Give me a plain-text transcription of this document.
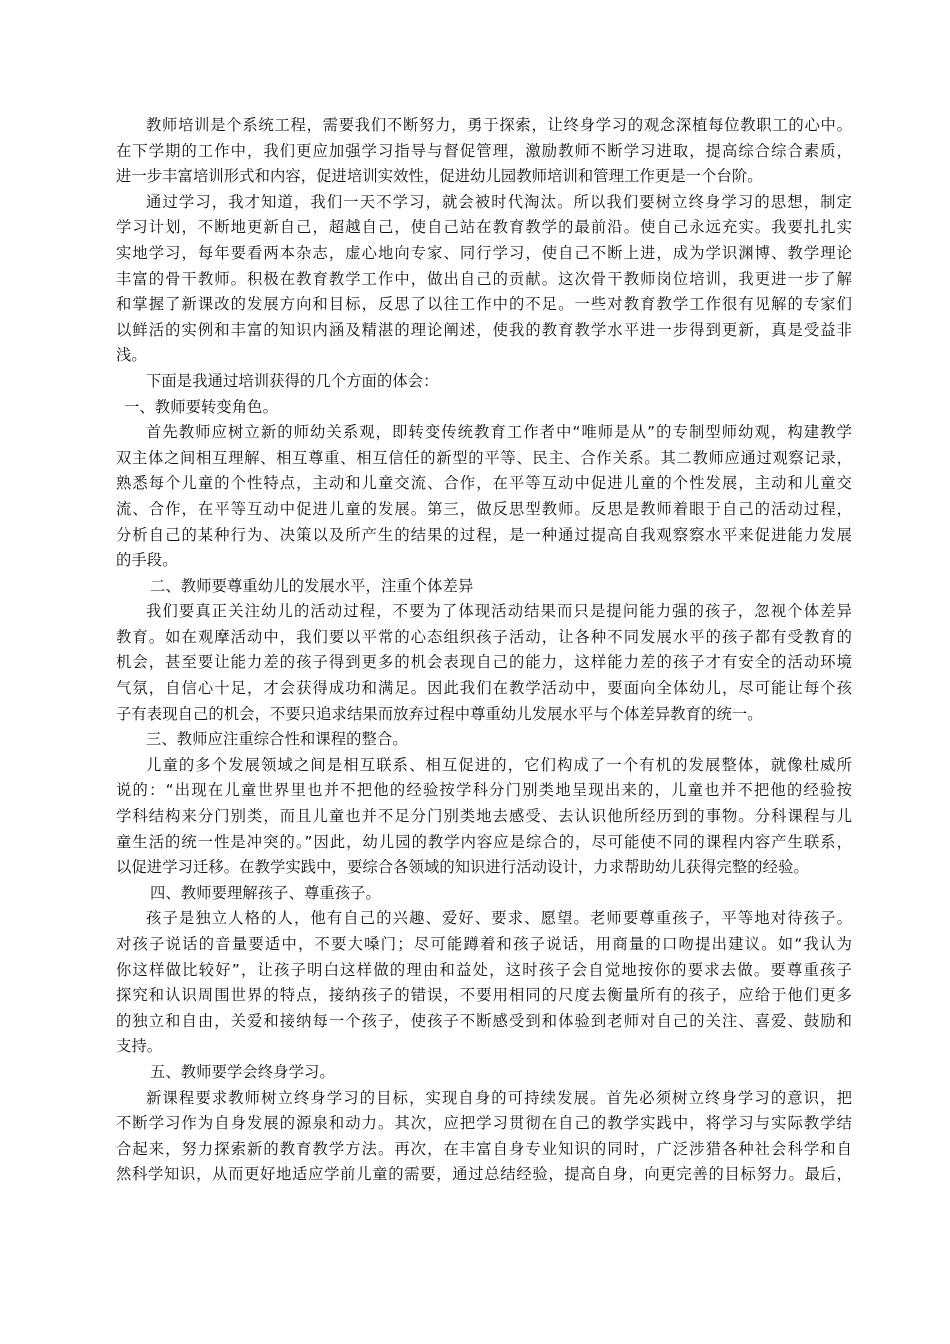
教师培训是个系统工程，需要我们不断努力，勇于探索，让终身学习的观念深植每位教职工的心中。
在下学期的工作中，我们更应加强学习指导与督促管理，激励教师不断学习进取，提高综合综合素质，
进一步丰富培训形式和内容，促进培训实效性，促进幼儿园教师培训和管理工作更是一个台阶。
通过学习，我才知道，我们一天不学习，就会被时代淘汰。所以我们要树立终身学习的思想，制定
学习计划，不断地更新自己，超越自己，使自己站在教育教学的最前沿。使自己永远充实。我要扎扎实
实地学习，每年要看两本杂志，虚心地向专家、同行学习，使自己不断上进，成为学识渊博、教学理论
丰富的骨干教师。积极在教育教学工作中，做出自己的贡献。这次骨干教师岗位培训，我更进一步了解
和掌握了新课改的发展方向和目标，反思了以往工作中的不足。一些对教育教学工作很有见解的专家们
以鲜活的实例和丰富的知识内涵及精湛的理论阐述，使我的教育教学水平进一步得到更新，真是受益非
浅。
下面是我通过培训获得的几个方面的体会：
一、教师要转变角色。
首先教师应树立新的师幼关系观，即转变传统教育工作者中“唯师是从”的专制型师幼观，构建教学
双主体之间相互理解、相互尊重、相互信任的新型的平等、民主、合作关系。其二教师应通过观察记录，
熟悉每个儿童的个性特点，主动和儿童交流、合作，在平等互动中促进儿童的个性发展，主动和儿童交
流、合作，在平等互动中促进儿童的发展。第三，做反思型教师。反思是教师着眼于自己的活动过程，
分析自己的某种行为、决策以及所产生的结果的过程，是一种通过提高自我观察察水平来促进能力发展
的手段。
二、教师要尊重幼儿的发展水平，注重个体差异
我们要真正关注幼儿的活动过程，不要为了体现活动结果而只是提问能力强的孩子，忽视个体差异
教育。如在观摩活动中，我们要以平常的心态组织孩子活动，让各种不同发展水平的孩子都有受教育的
机会，甚至要让能力差的孩子得到更多的机会表现自己的能力，这样能力差的孩子才有安全的活动环境
气氛，自信心十足，才会获得成功和满足。因此我们在教学活动中，要面向全体幼儿，尽可能让每个孩
子有表现自己的机会，不要只追求结果而放弃过程中尊重幼儿发展水平与个体差异教育的统一。
三、教师应注重综合性和课程的整合。
儿童的多个发展领域之间是相互联系、相互促进的，它们构成了一个有机的发展整体，就像杜威所
说的：“出现在儿童世界里也并不把他的经验按学科分门别类地呈现出来的，儿童也并不把他的经验按
学科结构来分门别类，而且儿童也并不足分门别类地去感受、去认识他所经历到的事物。分科课程与儿
童生活的统一性是冲突的。”因此，幼儿园的教学内容应是综合的，尽可能使不同的课程内容产生联系，
以促进学习迁移。在教学实践中，要综合各领域的知识进行活动设计，力求帮助幼儿获得完整的经验。
四、教师要理解孩子、尊重孩子。
孩子是独立人格的人，他有自己的兴趣、爱好、要求、愿望。老师要尊重孩子，平等地对待孩子。
对孩子说话的音量要适中，不要大嗓门；尽可能蹲着和孩子说话，用商量的口吻提出建议。如“我认为
你这样做比较好”，让孩子明白这样做的理由和益处，这时孩子会自觉地按你的要求去做。要尊重孩子
探究和认识周围世界的特点，接纳孩子的错误，不要用相同的尺度去衡量所有的孩子，应给于他们更多
的独立和自由，关爱和接纳每一个孩子，使孩子不断感受到和体验到老师对自己的关注、喜爱、鼓励和
支持。
五、教师要学会终身学习。
新课程要求教师树立终身学习的目标，实现自身的可持续发展。首先必须树立终身学习的意识，把
不断学习作为自身发展的源泉和动力。其次，应把学习贯彻在自己的教学实践中，将学习与实际教学结
合起来，努力探索新的教育教学方法。再次，在丰富自身专业知识的同时，广泛涉猎各种社会科学和自
然科学知识，从而更好地适应学前儿童的需要，通过总结经验，提高自身，向更完善的目标努力。最后，
